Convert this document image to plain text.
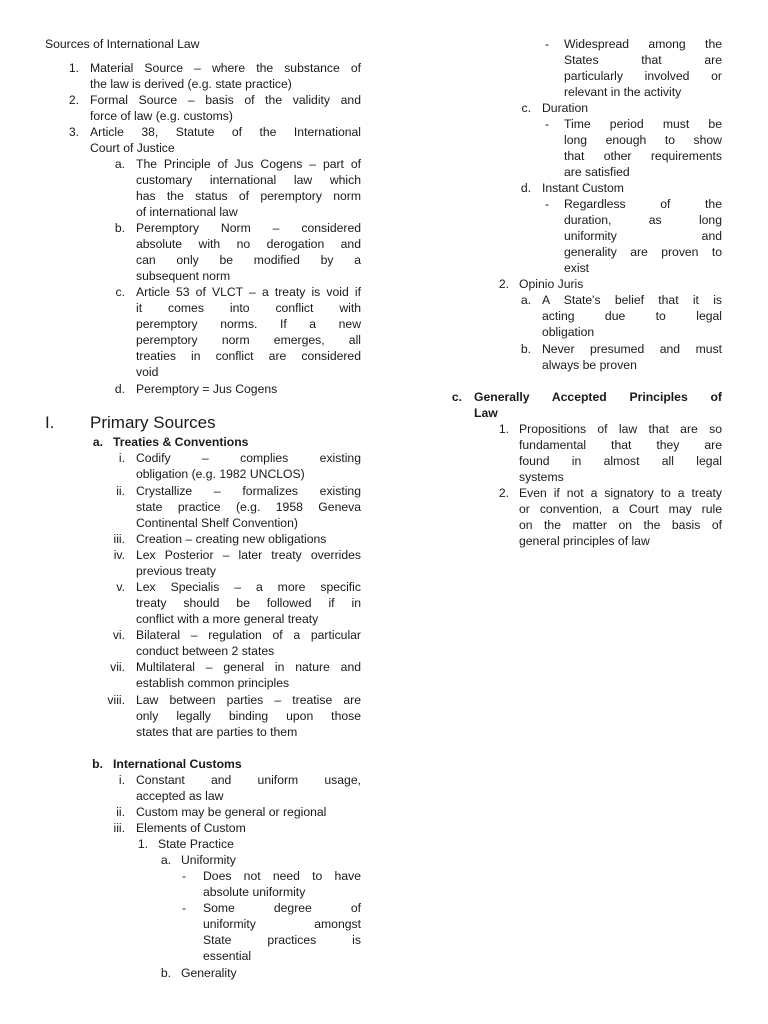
Sources of International Law
1. Material Source – where the substance of
the law is derived (e.g. state practice)
2. Formal Source – basis of the validity and
force of law (e.g. customs)
3. Article 38, Statute of the International
Court of Justice
a. The Principle of Jus Cogens – part of
customary international law which
has the status of peremptory norm
of international law
b. Peremptory Norm – considered
absolute with no derogation and
can only be modified by a
subsequent norm
c. Article 53 of VLCT – a treaty is void if
it comes into conflict with
peremptory norms. If a new
peremptory norm emerges, all
treaties in conflict are considered
void
d. Peremptory = Jus Cogens
I. Primary Sources
a. Treaties & Conventions
i. Codify – complies existing
obligation (e.g. 1982 UNCLOS)
ii. Crystallize – formalizes existing
state practice (e.g. 1958 Geneva
Continental Shelf Convention)
iii. Creation – creating new obligations
iv. Lex Posterior – later treaty overrides
previous treaty
v. Lex Specialis – a more specific
treaty should be followed if in
conflict with a more general treaty
vi. Bilateral – regulation of a particular
conduct between 2 states
vii. Multilateral – general in nature and
establish common principles
viii. Law between parties – treatise are
only legally binding upon those
states that are parties to them
b. International Customs
i. Constant and uniform usage,
accepted as law
ii. Custom may be general or regional
iii. Elements of Custom
1. State Practice
a. Uniformity
- Does not need to have
absolute uniformity
- Some degree of
uniformity amongst
State practices is
essential
b. Generality
- Widespread among the
States that are
particularly involved or
relevant in the activity
c. Duration
- Time period must be
long enough to show
that other requirements
are satisfied
d. Instant Custom
- Regardless of the
duration, as long
uniformity and
generality are proven to
exist
2. Opinio Juris
a. A State's belief that it is
acting due to legal
obligation
b. Never presumed and must
always be proven
c. Generally Accepted Principles of
Law
1. Propositions of law that are so
fundamental that they are
found in almost all legal
systems
2. Even if not a signatory to a treaty
or convention, a Court may rule
on the matter on the basis of
general principles of law
